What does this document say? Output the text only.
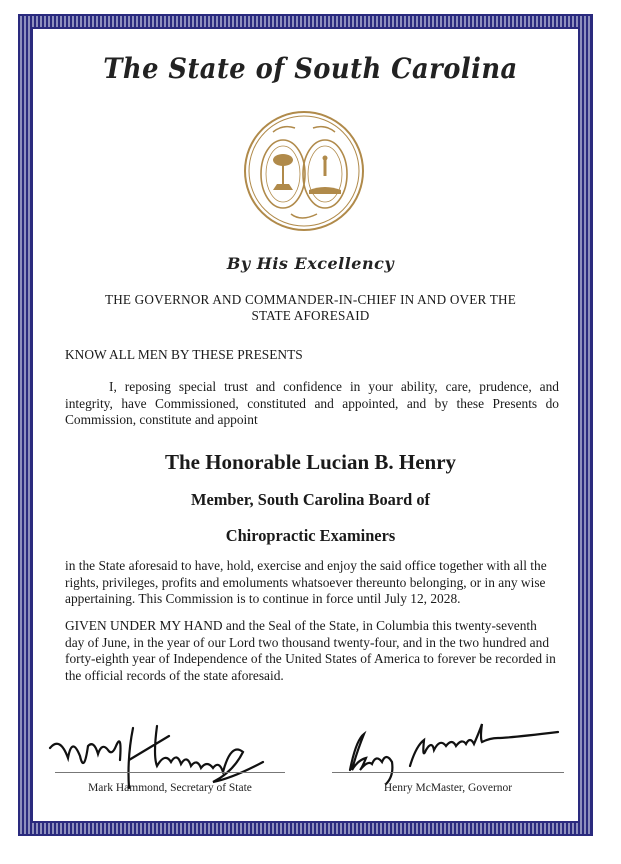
The State of South Carolina
By His Excellency
THE GOVERNOR AND COMMANDER-IN-CHIEF IN AND OVER THE
STATE AFORESAID
KNOW ALL MEN BY THESE PRESENTS
I, reposing special trust and confidence in your ability, care, prudence, and integrity, have Commissioned, constituted and appointed, and by these Presents do Commission, constitute and appoint
The Honorable Lucian B. Henry
Member, South Carolina Board of
Chiropractic Examiners
in the State aforesaid to have, hold, exercise and enjoy the said office together with all the rights, privileges, profits and emoluments whatsoever thereunto belonging, or in any wise appertaining. This Commission is to continue in force until July 12, 2028.
GIVEN UNDER MY HAND and the Seal of the State, in Columbia this twenty-seventh day of June, in the year of our Lord two thousand twenty-four, and in the two hundred and forty-eighth year of Independence of the United States of America to forever be recorded in the official records of the state aforesaid.
Mark Hammond, Secretary of State	Henry McMaster, Governor
